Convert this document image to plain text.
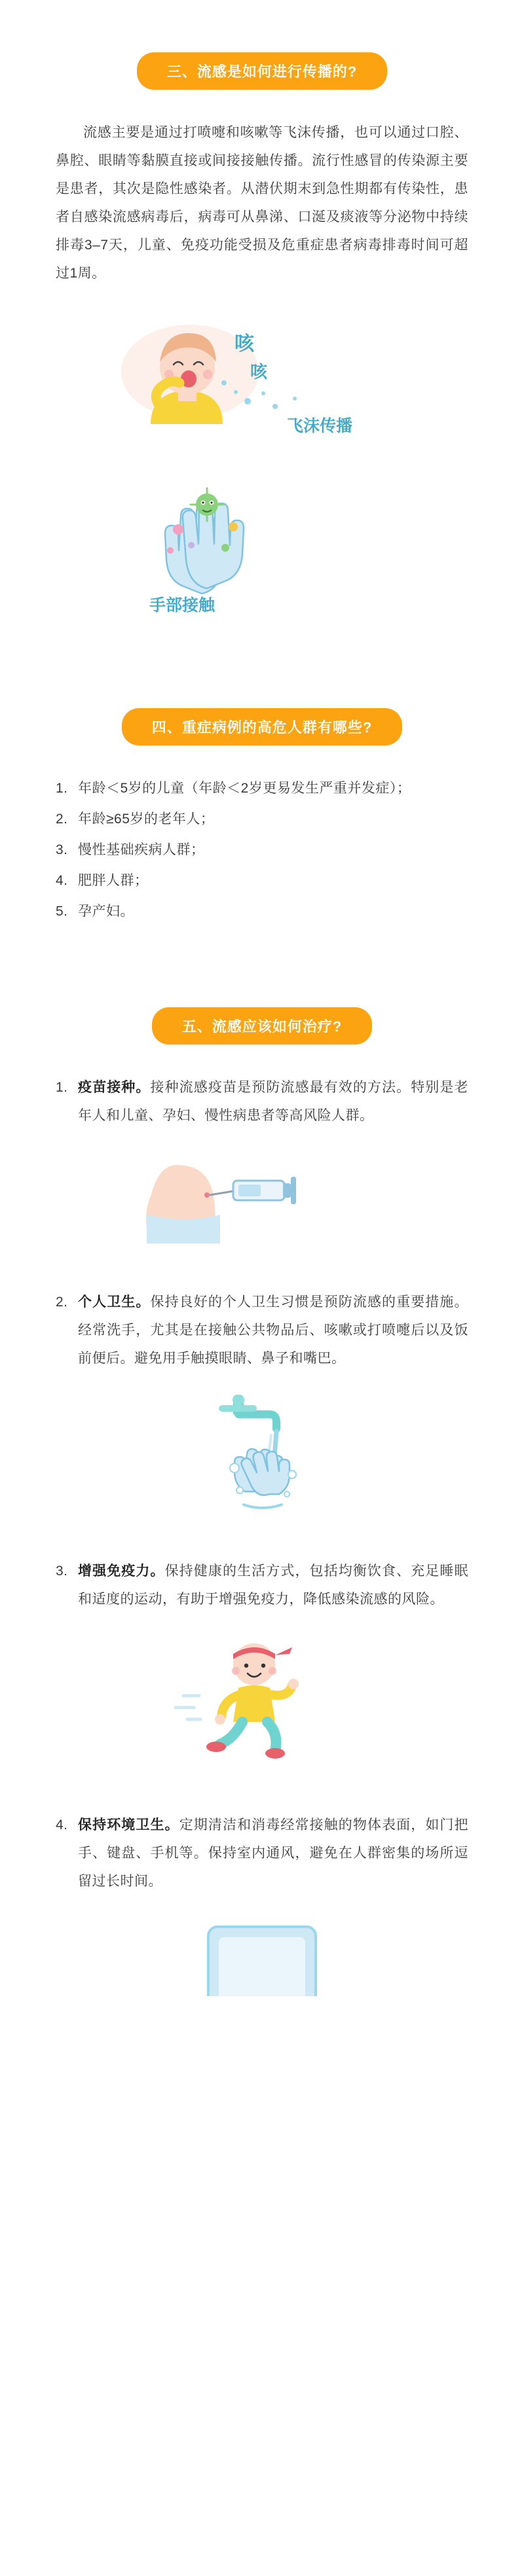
三、流感是如何进行传播的?

流感主要是通过打喷嚏和咳嗽等飞沫传播，也可以通过口腔、鼻腔、眼睛等黏膜直接或间接接触传播。流行性感冒的传染源主要是患者，其次是隐性感染者。从潜伏期末到急性期都有传染性，患者自感染流感病毒后，病毒可从鼻涕、口涎及痰液等分泌物中持续排毒3–7天，儿童、免疫功能受损及危重症患者病毒排毒时间可超过1周。

咳
咳
飞沫传播
手部接触
四、重症病例的高危人群有哪些?
1. 年龄＜5岁的儿童（年龄＜2岁更易发生严重并发症）；
2. 年龄≥65岁的老年人；
3. 慢性基础疾病人群；
4. 肥胖人群；
5. 孕产妇。
五、流感应该如何治疗?
1. 疫苗接种。接种流感疫苗是预防流感最有效的方法。特别是老年人和儿童、孕妇、慢性病患者等高风险人群。
2. 个人卫生。保持良好的个人卫生习惯是预防流感的重要措施。经常洗手，尤其是在接触公共物品后、咳嗽或打喷嚏后以及饭前便后。避免用手触摸眼睛、鼻子和嘴巴。
3. 增强免疫力。保持健康的生活方式，包括均衡饮食、充足睡眠和适度的运动，有助于增强免疫力，降低感染流感的风险。
4. 保持环境卫生。定期清洁和消毒经常接触的物体表面，如门把手、键盘、手机等。保持室内通风，避免在人群密集的场所逗留过长时间。
